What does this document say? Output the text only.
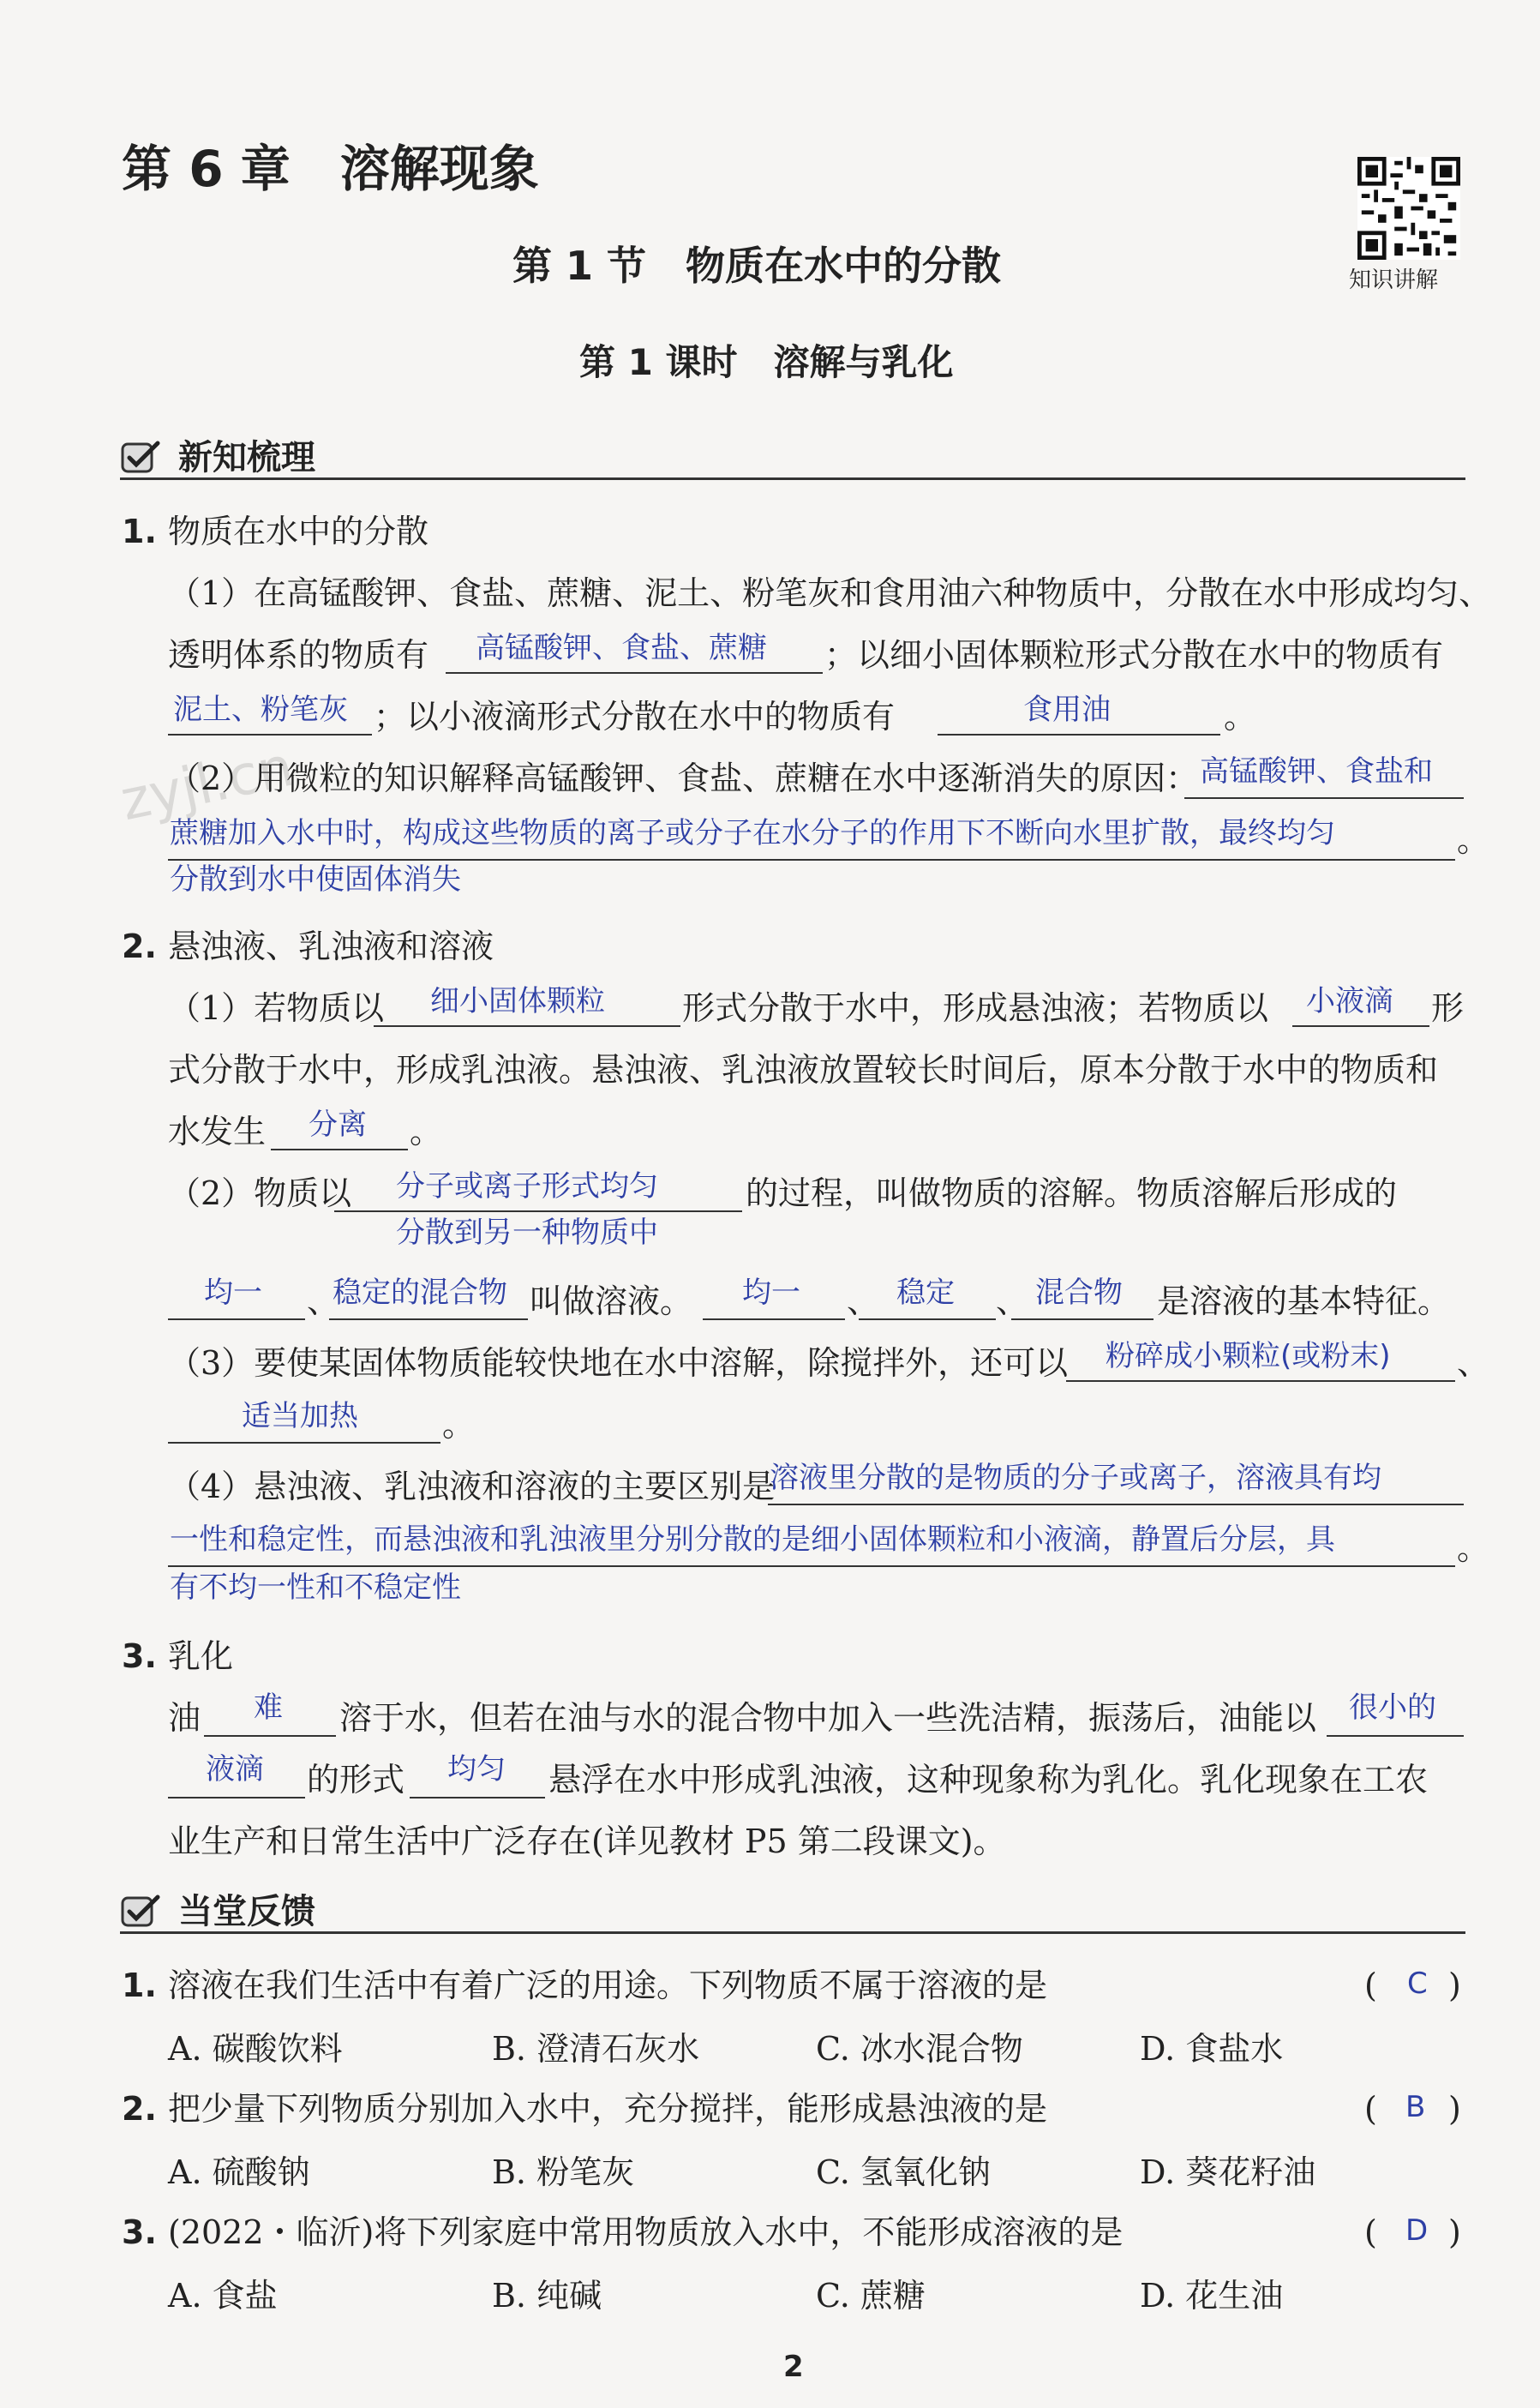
第 6 章　溶解现象
第 1 节　物质在水中的分散
第 1 课时　溶解与乳化
知识讲解
zyjl.cn
新知梳理
1. 物质在水中的分散
（1）在高锰酸钾、食盐、蔗糖、泥土、粉笔灰和食用油六种物质中，分散在水中形成均匀、
透明体系的物质有 高锰酸钾、食盐、蔗糖 ；以细小固体颗粒形式分散在水中的物质有
泥土、粉笔灰 ；以小液滴形式分散在水中的物质有	食用油	。
（2）用微粒的知识解释高锰酸钾、食盐、蔗糖在水中逐渐消失的原因： 高锰酸钾、食盐和
蔗糖加入水中时，构成这些物质的离子或分子在水分子的作用下不断向水里扩散，最终均匀	。
分散到水中使固体消失
2. 悬浊液、乳浊液和溶液
（1）若物质以 细小固体颗粒 形式分散于水中，形成悬浊液；若物质以 小液滴 形
式分散于水中，形成乳浊液。悬浊液、乳浊液放置较长时间后，原本分散于水中的物质和
水发生 分离 。
（2）物质以 分子或离子形式均匀
分散到另一种物质中
的过程，叫做物质的溶解。物质溶解后形成的
均一 、
稳定的混合物 叫做溶液。 均一 、 稳定 、 混合物 是溶液的基本特征。
（3）要使某固体物质能较快地在水中溶解，除搅拌外，还可以 粉碎成小颗粒(或粉末) 、
适当加热	。
（4）悬浊液、乳浊液和溶液的主要区别是
溶液里分散的是物质的分子或离子，溶液具有均
一性和稳定性，而悬浊液和乳浊液里分别分散的是细小固体颗粒和小液滴，静置后分层，具	。
有不均一性和不稳定性
3. 乳化
油 难 溶于水，但若在油与水的混合物中加入一些洗洁精，振荡后，油能以 很小的
液滴 的形式 均匀 悬浮在水中形成乳浊液，这种现象称为乳化。乳化现象在工农
业生产和日常生活中广泛存在(详见教材 P5 第二段课文)。
当堂反馈
1. 溶液在我们生活中有着广泛的用途。下列物质不属于溶液的是	( C )
A. 碳酸饮料	B. 澄清石灰水	C. 冰水混合物	D. 食盐水
2. 把少量下列物质分别加入水中，充分搅拌，能形成悬浊液的是	( B )
A. 硫酸钠	B. 粉笔灰	C. 氢氧化钠	D. 葵花籽油
3. (2022・临沂)将下列家庭中常用物质放入水中，不能形成溶液的是	( D )
A. 食盐	B. 纯碱	C. 蔗糖	D. 花生油
2
